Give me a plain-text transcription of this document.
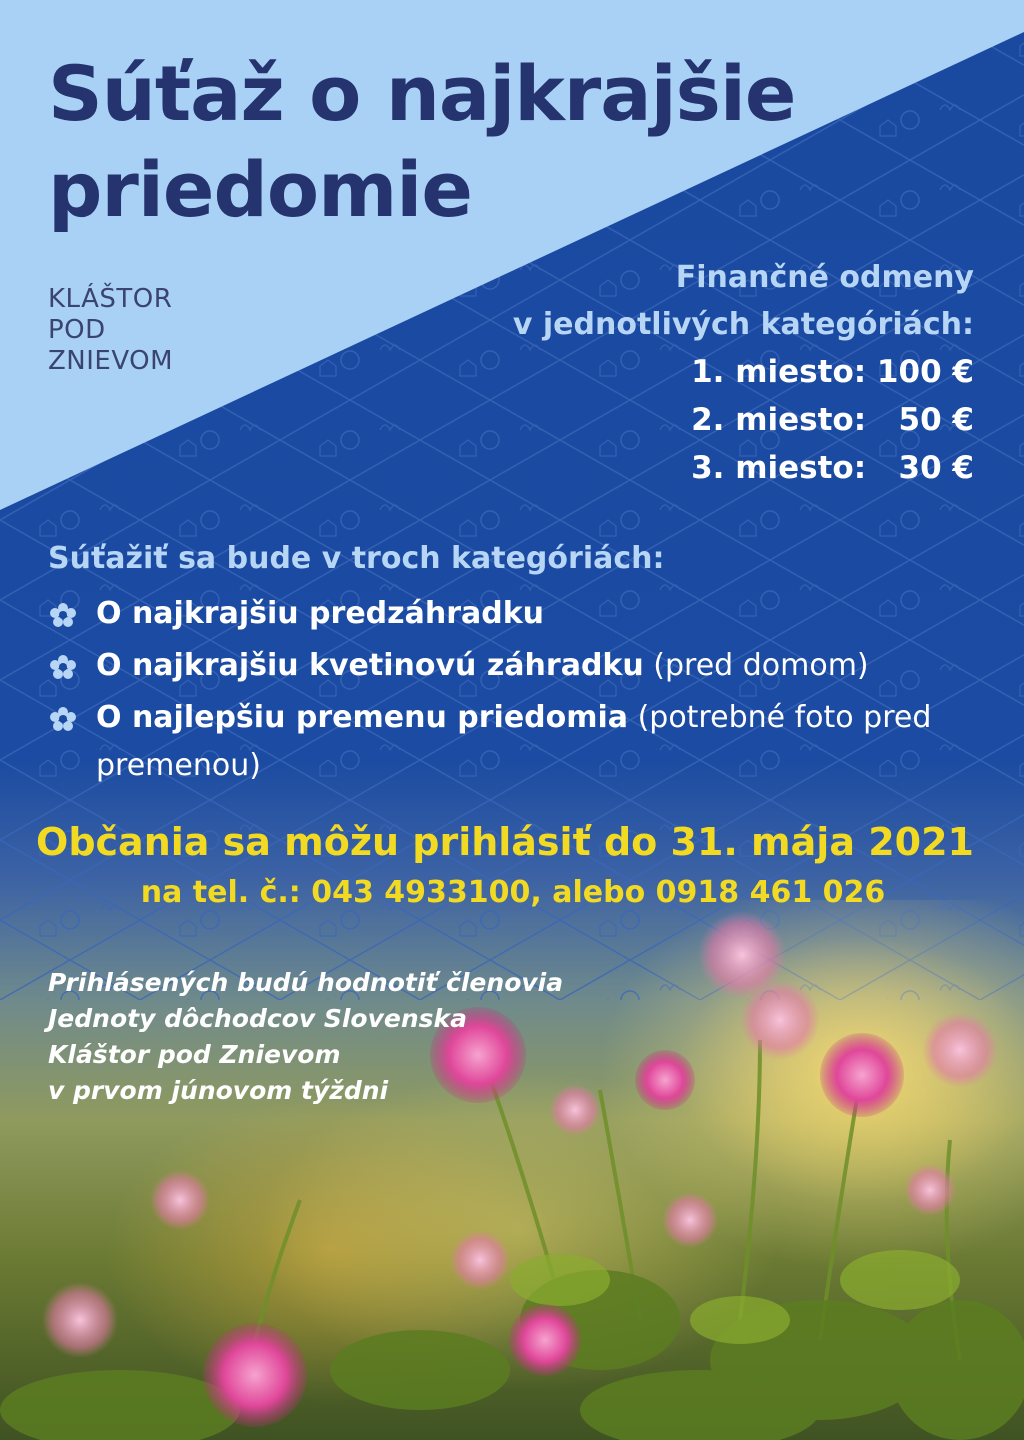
Súťaž o najkrajšie
priedomie
KLÁŠTOR
POD
ZNIEVOM
Finančné odmeny
v jednotlivých kategóriách:
1. miesto: 100 €
2. miesto:   50 €
3. miesto:   30 €
Súťažiť sa bude v troch kategóriách:
O najkrajšiu predzáhradku
O najkrajšiu kvetinovú záhradku (pred domom)
O najlepšiu premenu priedomia (potrebné foto pred premenou)
Občania sa môžu prihlásiť do 31. mája 2021
na tel. č.: 043 4933100, alebo 0918 461 026
Prihlásených budú hodnotiť členovia
Jednoty dôchodcov Slovenska
Kláštor pod Znievom
v prvom júnovom týždni
